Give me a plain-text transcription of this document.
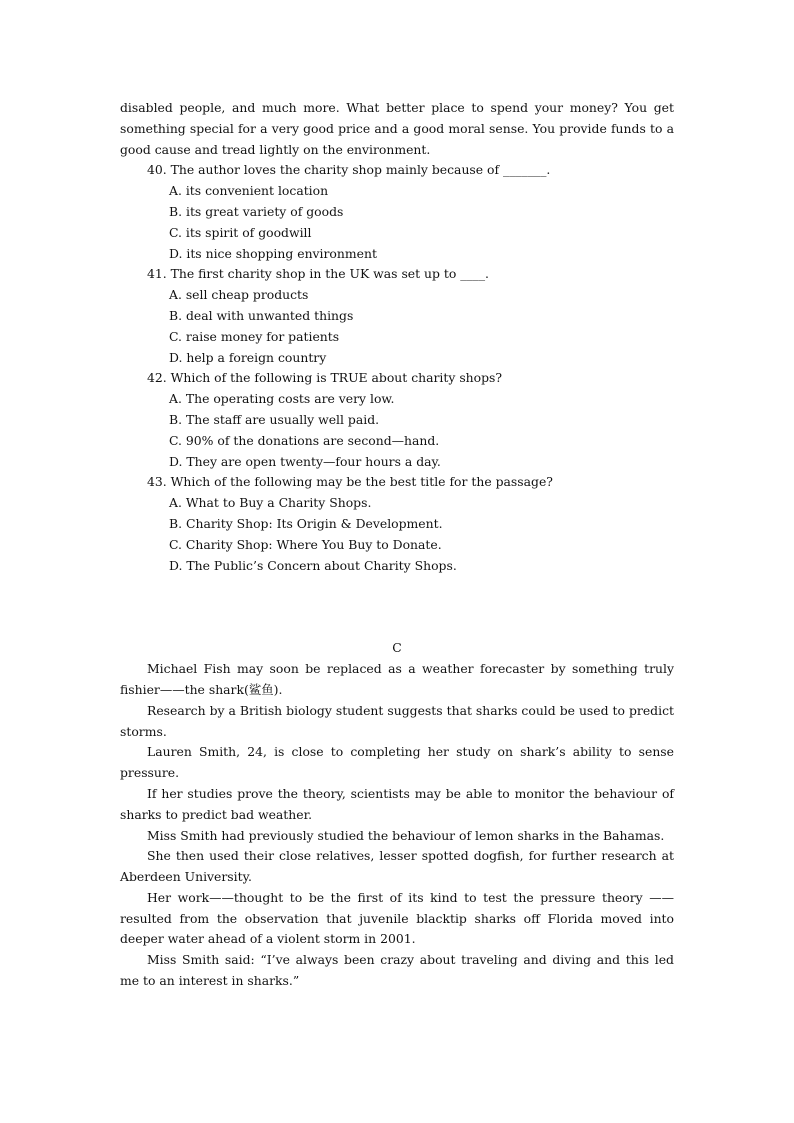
disabled people, and much more. What better place to spend your money? You get something special for a very good price and a good moral sense. You provide funds to a good cause and tread lightly on the environment.

40. The author loves the charity shop mainly because of _______.

A. its convenient location

B. its great variety of goods

C. its spirit of goodwill

D. its nice shopping environment

41. The first charity shop in the UK was set up to ____.

A. sell cheap products

B. deal with unwanted things

C. raise money for patients

D. help a foreign country

42. Which of the following is TRUE about charity shops?

A. The operating costs are very low.

B. The staff are usually well paid.

C. 90% of the donations are second—hand.

D. They are open twenty—four hours a day.

43. Which of the following may be the best title for the passage?

A. What to Buy a Charity Shops.

B. Charity Shop: Its Origin & Development.

C. Charity Shop: Where You Buy to Donate.

D. The Public’s Concern about Charity Shops.

C

Michael Fish may soon be replaced as a weather forecaster by something truly fishier——the shark(鲨鱼).

Research by a British biology student suggests that sharks could be used to predict storms.

Lauren Smith, 24, is close to completing her study on shark’s ability to sense pressure.

If her studies prove the theory, scientists may be able to monitor the behaviour of sharks to predict bad weather.

Miss Smith had previously studied the behaviour of lemon sharks in the Bahamas.

She then used their close relatives, lesser spotted dogfish, for further research at Aberdeen University.

Her work——thought to be the first of its kind to test the pressure theory —— resulted from the observation that juvenile blacktip sharks off Florida moved into deeper water ahead of a violent storm in 2001.

Miss Smith said: “I’ve always been crazy about traveling and diving and this led me to an interest in sharks.”
